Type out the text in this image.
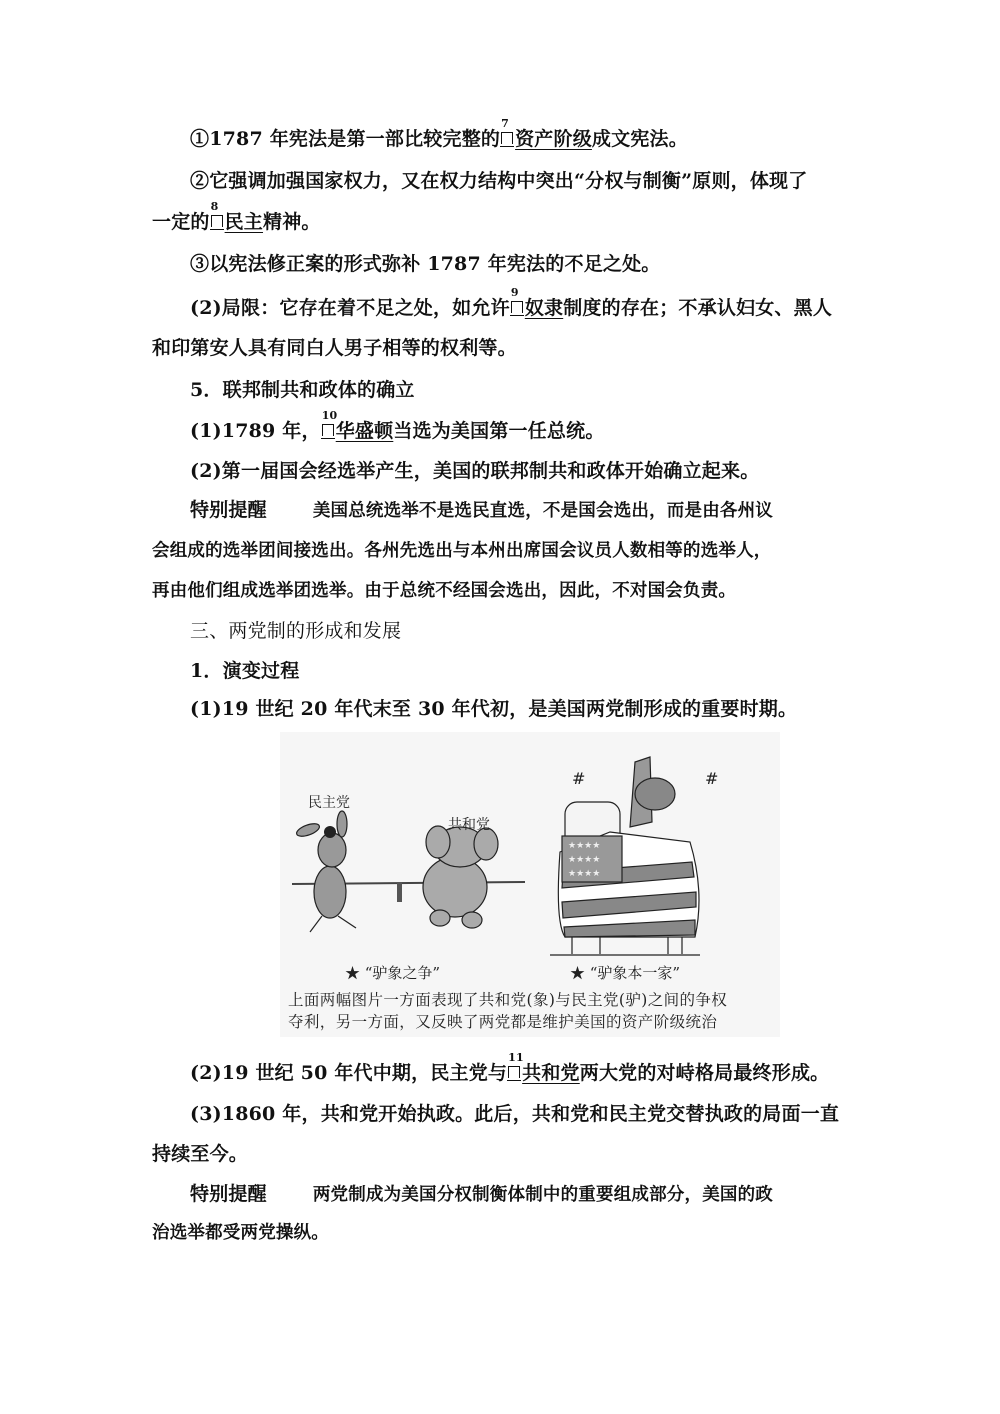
①1787 年宪法是第一部比较完整的
7
资产阶级成文宪法。
②它强调加强国家权力，又在权力结构中突出“分权与制衡”原则，体现了
一定的
8
民主精神。
③以宪法修正案的形式弥补 1787 年宪法的不足之处。
(2)局限：它存在着不足之处，如允许
9
奴隶制度的存在；不承认妇女、黑人
和印第安人具有同白人男子相等的权利等。
5．联邦制共和政体的确立
(1)1789 年，
10
华盛顿当选为美国第一任总统。
(2)第一届国会经选举产生，美国的联邦制共和政体开始确立起来。
特别提醒	美国总统选举不是选民直选，不是国会选出，而是由各州议
会组成的选举团间接选出。各州先选出与本州出席国会议员人数相等的选举人，
再由他们组成选举团选举。由于总统不经国会选出，因此，不对国会负责。
三、两党制的形成和发展
1．演变过程
(1)19 世纪 20 年代末至 30 年代初，是美国两党制形成的重要时期。
★★★★
★★★★
★★★★
#	#
民主党
共和党
★ “驴象之争”	★ “驴象本一家”
上面两幅图片一方面表现了共和党(象)与民主党(驴)之间的争权
夺利，另一方面，又反映了两党都是维护美国的资产阶级统治
(2)19 世纪 50 年代中期，民主党与
11
共和党两大党的对峙格局最终形成。
(3)1860 年，共和党开始执政。此后，共和党和民主党交替执政的局面一直
持续至今。
特别提醒	两党制成为美国分权制衡体制中的重要组成部分，美国的政
治选举都受两党操纵。
